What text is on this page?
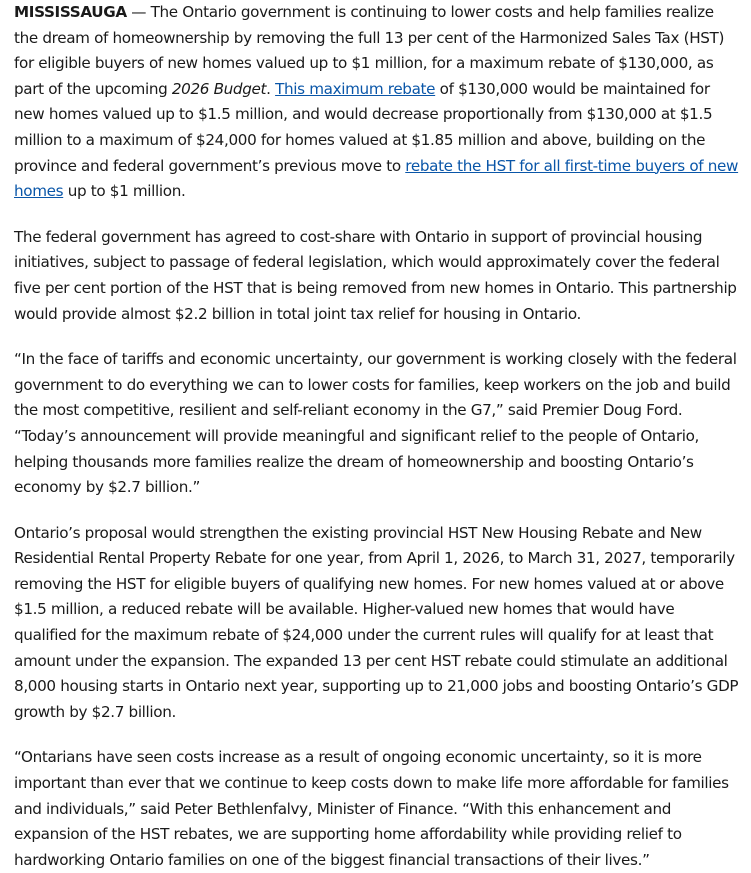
MISSISSAUGA — The Ontario government is continuing to lower costs and help families realize the dream of homeownership by removing the full 13 per cent of the Harmonized Sales Tax (HST) for eligible buyers of new homes valued up to $1 million, for a maximum rebate of $130,000, as part of the upcoming 2026 Budget. This maximum rebate of $130,000 would be maintained for new homes valued up to $1.5 million, and would decrease proportionally from $130,000 at $1.5 million to a maximum of $24,000 for homes valued at $1.85 million and above, building on the province and federal government’s previous move to rebate the HST for all first-time buyers of new homes up to $1 million.

The federal government has agreed to cost-share with Ontario in support of provincial housing initiatives, subject to passage of federal legislation, which would approximately cover the federal five per cent portion of the HST that is being removed from new homes in Ontario. This partnership would provide almost $2.2 billion in total joint tax relief for housing in Ontario.

“In the face of tariffs and economic uncertainty, our government is working closely with the federal government to do everything we can to lower costs for families, keep workers on the job and build the most competitive, resilient and self-reliant economy in the G7,” said Premier Doug Ford. “Today’s announcement will provide meaningful and significant relief to the people of Ontario, helping thousands more families realize the dream of homeownership and boosting Ontario’s economy by $2.7 billion.”

Ontario’s proposal would strengthen the existing provincial HST New Housing Rebate and New Residential Rental Property Rebate for one year, from April 1, 2026, to March 31, 2027, temporarily removing the HST for eligible buyers of qualifying new homes. For new homes valued at or above $1.5 million, a reduced rebate will be available. Higher-valued new homes that would have qualified for the maximum rebate of $24,000 under the current rules will qualify for at least that amount under the expansion. The expanded 13 per cent HST rebate could stimulate an additional 8,000 housing starts in Ontario next year, supporting up to 21,000 jobs and boosting Ontario’s GDP growth by $2.7 billion.

“Ontarians have seen costs increase as a result of ongoing economic uncertainty, so it is more important than ever that we continue to keep costs down to make life more affordable for families and individuals,” said Peter Bethlenfalvy, Minister of Finance. “With this enhancement and expansion of the HST rebates, we are supporting home affordability while providing relief to hardworking Ontario families on one of the biggest financial transactions of their lives.”
